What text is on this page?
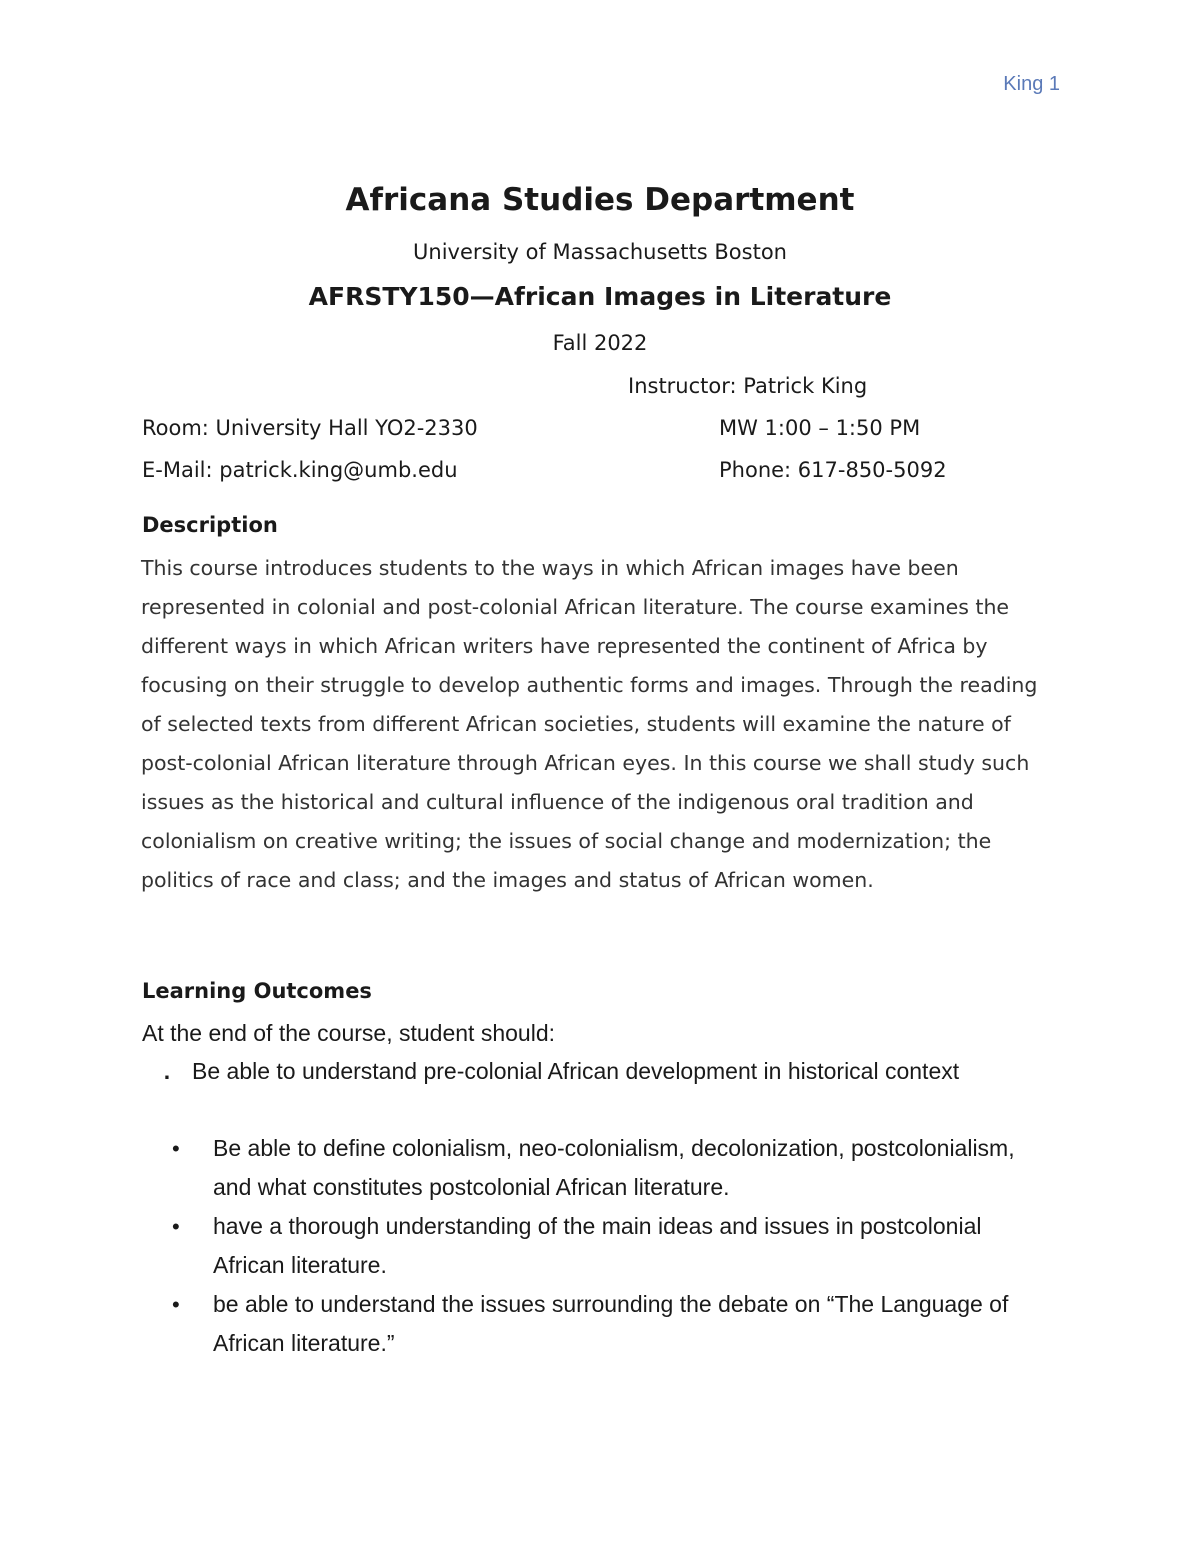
King 1
Africana Studies Department
University of Massachusetts Boston
AFRSTY150—African Images in Literature
Fall 2022
Instructor: Patrick King
Room: University Hall YO2-2330	MW 1:00 – 1:50 PM
E-Mail: patrick.king@umb.edu	Phone: 617-850-5092
Description

This course introduces students to the ways in which African images have been represented in colonial and post-colonial African literature. The course examines the different ways in which African writers have represented the continent of Africa by focusing on their struggle to develop authentic forms and images. Through the reading of selected texts from different African societies, students will examine the nature of post-colonial African literature through African eyes. In this course we shall study such issues as the historical and cultural influence of the indigenous oral tradition and colonialism on creative writing; the issues of social change and modernization; the politics of race and class; and the images and status of African women.

Learning Outcomes
At the end of the course, student should:
. Be able to understand pre-colonial African development in historical context
• Be able to define colonialism, neo-colonialism, decolonization, postcolonialism, and what constitutes postcolonial African literature.
• have a thorough understanding of the main ideas and issues in postcolonial African literature.
• be able to understand the issues surrounding the debate on “The Language of African literature.”
